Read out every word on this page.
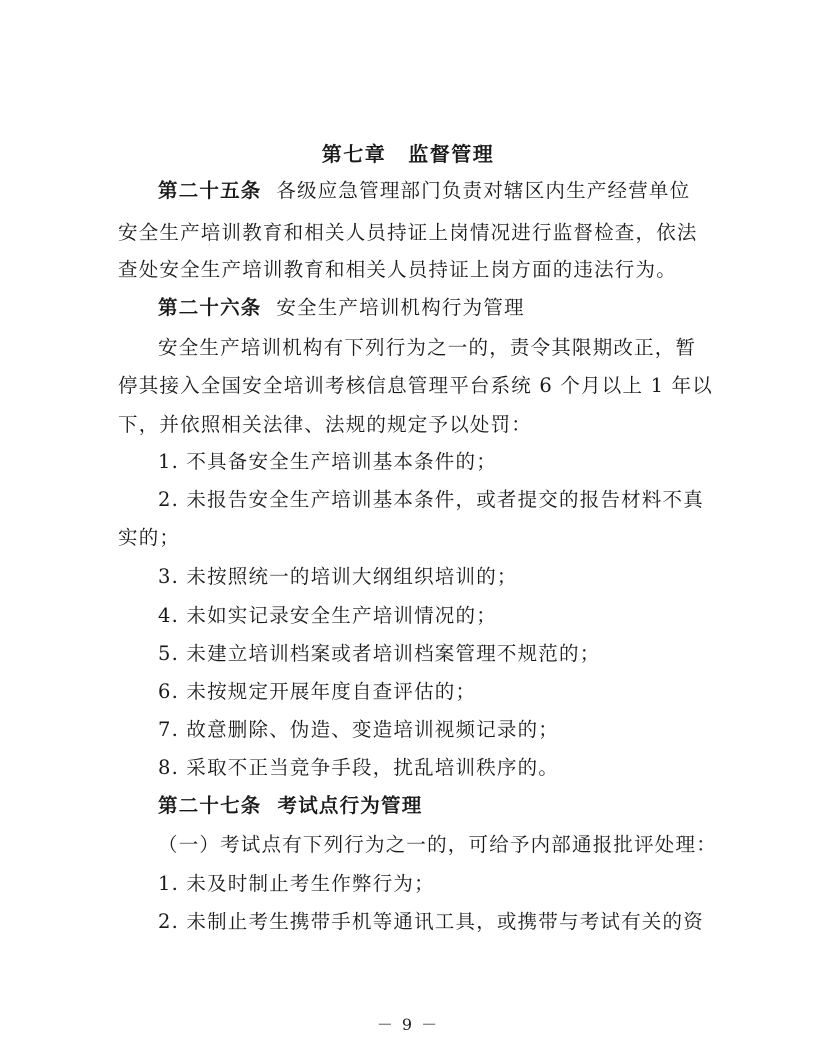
第七章 监督管理
第二十五条 各级应急管理部门负责对辖区内生产经营单位
安全生产培训教育和相关人员持证上岗情况进行监督检查，依法
查处安全生产培训教育和相关人员持证上岗方面的违法行为。
第二十六条 安全生产培训机构行为管理
安全生产培训机构有下列行为之一的，责令其限期改正，暂
停其接入全国安全培训考核信息管理平台系统 6 个月以上 1 年以
下，并依照相关法律、法规的规定予以处罚：
1. 不具备安全生产培训基本条件的；
2. 未报告安全生产培训基本条件，或者提交的报告材料不真
实的；
3. 未按照统一的培训大纲组织培训的；
4. 未如实记录安全生产培训情况的；
5. 未建立培训档案或者培训档案管理不规范的；
6. 未按规定开展年度自查评估的；
7. 故意删除、伪造、变造培训视频记录的；
8. 采取不正当竞争手段，扰乱培训秩序的。
第二十七条 考试点行为管理
（一）考试点有下列行为之一的，可给予内部通报批评处理：
1. 未及时制止考生作弊行为；
2. 未制止考生携带手机等通讯工具，或携带与考试有关的资
－ 9 －
